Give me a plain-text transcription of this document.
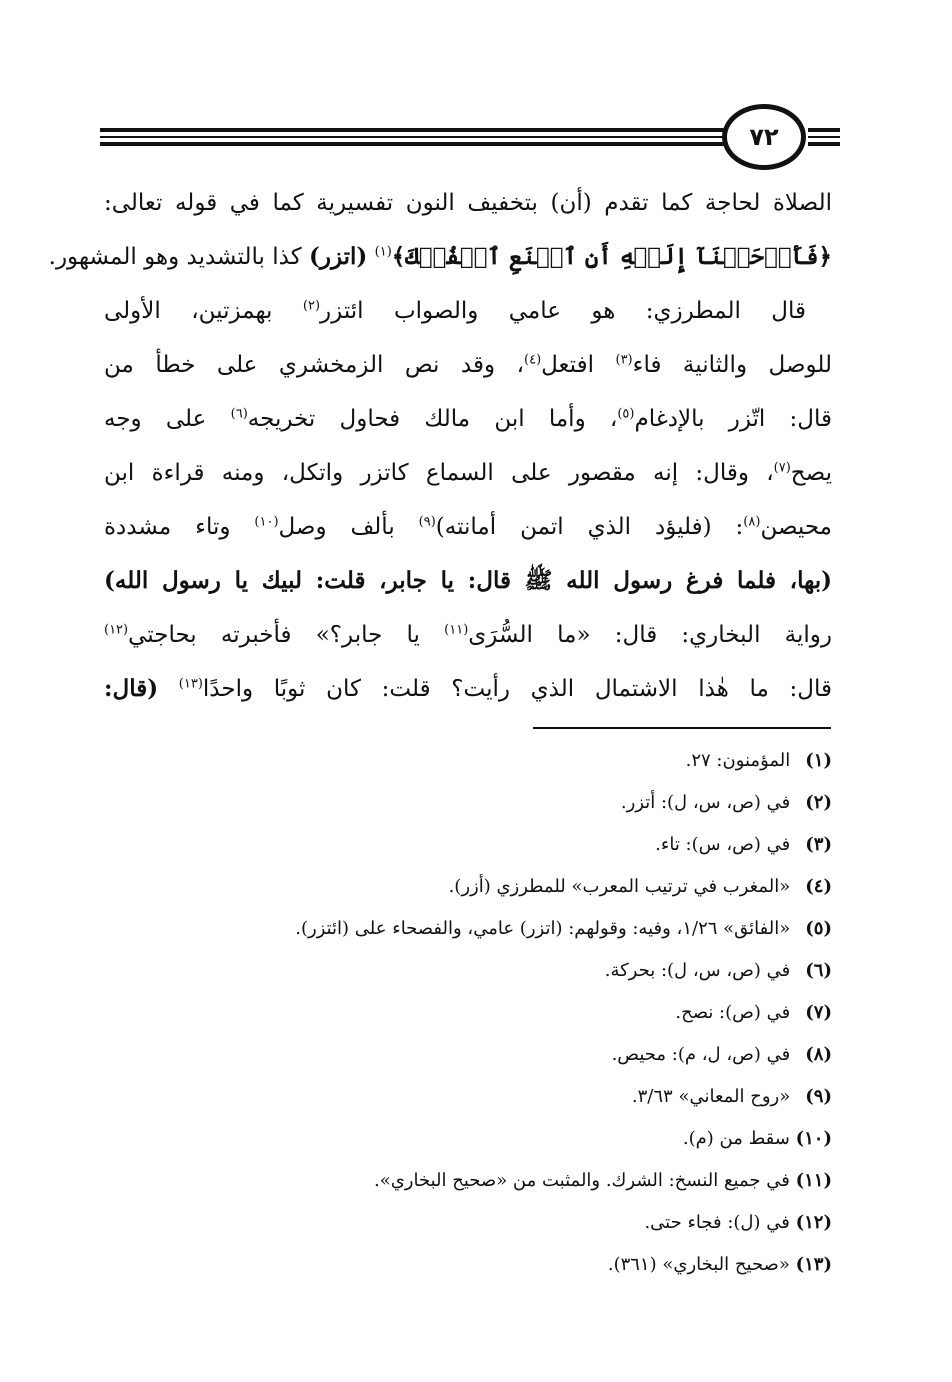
٧٢
الصلاة لحاجة كما تقدم (أن) بتخفيف النون تفسيرية كما في قوله تعالى:
﴿فَأَوۡحَيۡنَآ إِلَيۡهِ أَنِ ٱصۡنَعِ ٱلۡفُلۡكَ﴾$^{(١)}$ (اتزر) كذا بالتشديد وهو المشهور.
قال المطرزي: هو عامي والصواب ائتزر$^{(٢)}$ بهمزتين، الأولى
للوصل والثانية فاء$^{(٣)}$ افتعل$^{(٤)}$، وقد نص الزمخشري على خطأ من
قال: اتّزر بالإدغام$^{(٥)}$، وأما ابن مالك فحاول تخريجه$^{(٦)}$ على وجه
يصح$^{(٧)}$، وقال: إنه مقصور على السماع كاتزر واتكل، ومنه قراءة ابن
محيصن$^{(٨)}$: (فليؤد الذي اتمن أمانته)$^{(٩)}$ بألف وصل$^{(١٠)}$ وتاء مشددة
(بها، فلما فرغ رسول الله ﷺ قال: يا جابر، قلت: لبيك يا رسول الله)
رواية البخاري: قال: «ما السُّرَى$^{(١١)}$ يا جابر؟» فأخبرته بحاجتي$^{(١٢)}$
قال: ما هٰذا الاشتمال الذي رأيت؟ قلت: كان ثوبًا واحدًا$^{(١٣)}$ (قال:
(١) المؤمنون: ٢٧.
(٢) في (ص، س، ل): أتزر.
(٣) في (ص، س): تاء.
(٤) «المغرب في ترتيب المعرب» للمطرزي (أزر).
(٥) «الفائق» ١/٢٦، وفيه: وقولهم: (اتزر) عامي، والفصحاء على (ائتزر).
(٦) في (ص، س، ل): بحركة.
(٧) في (ص): نصح.
(٨) في (ص، ل، م): محيص.
(٩) «روح المعاني» ٣/٦٣.
(١٠) سقط من (م).
(١١) في جميع النسخ: الشرك. والمثبت من «صحيح البخاري».
(١٢) في (ل): فجاء حتى.
(١٣) «صحيح البخاري» (٣٦١).
